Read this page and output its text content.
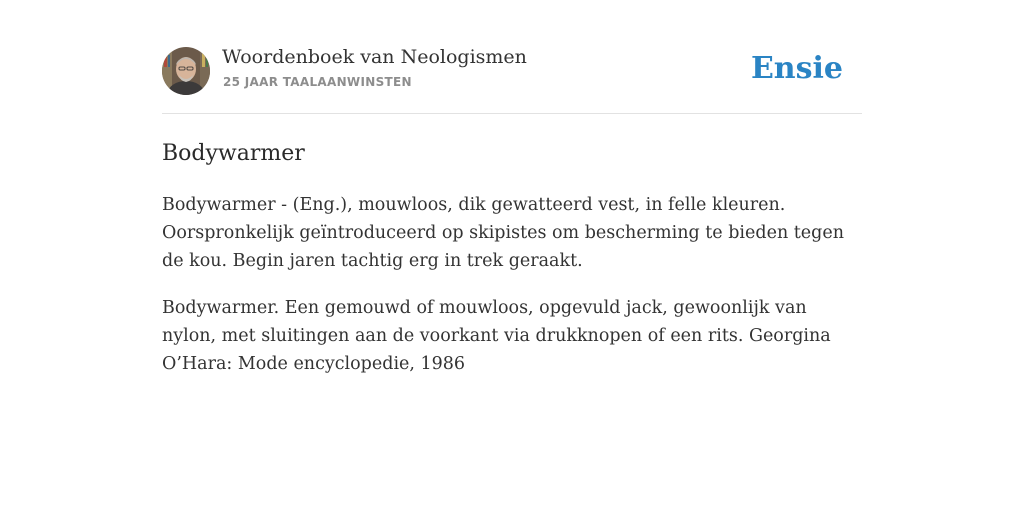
Woordenboek van Neologismen
25 JAAR TAALAANWINSTEN	Ensie
Bodywarmer

Bodywarmer - (Eng.), mouwloos, dik gewatteerd vest, in felle kleuren. Oorspronkelijk geïntroduceerd op skipistes om bescherming te bieden tegen de kou. Begin jaren tachtig erg in trek geraakt.

Bodywarmer. Een gemouwd of mouwloos, opgevuld jack, gewoonlijk van nylon, met sluitingen aan de voorkant via drukknopen of een rits. Georgina O’Hara: Mode encyclopedie, 1986
